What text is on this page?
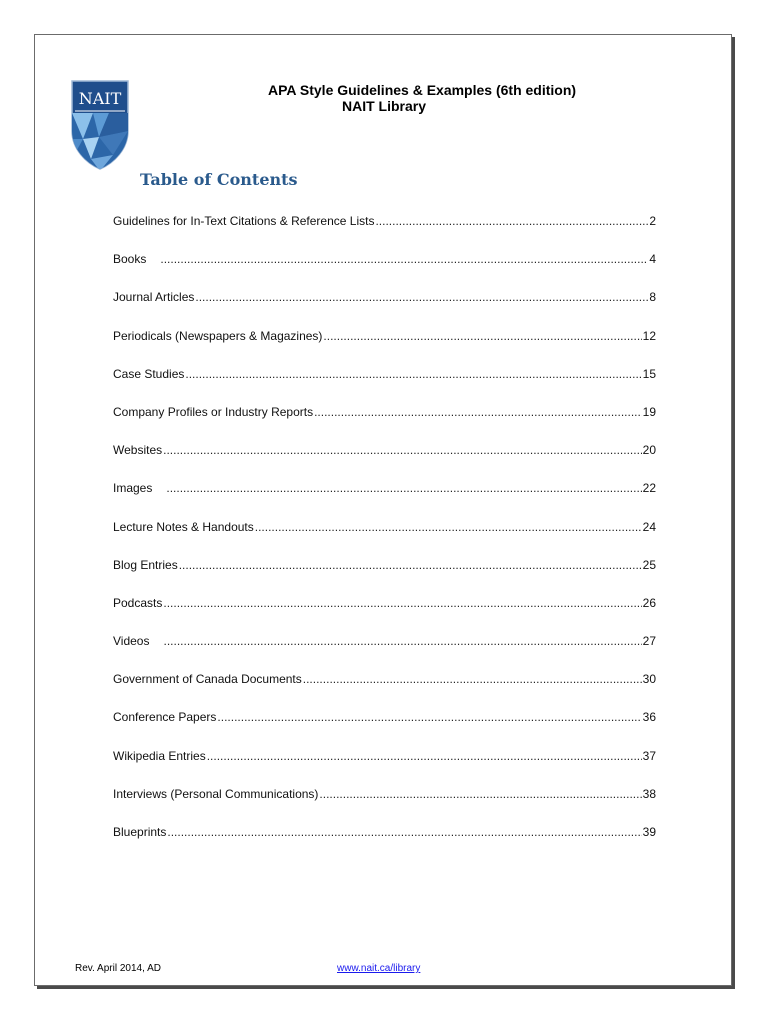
NAIT	APA Style Guidelines & Examples (6th edition)
NAIT Library
Table of Contents
Guidelines for In-Text Citations & Reference Lists .....	2
Books .....	4
Journal Articles .....	8
Periodicals (Newspapers & Magazines) .....	12
Case Studies .....	15
Company Profiles or Industry Reports .....	19
Websites .....	20
Images .....	22
Lecture Notes & Handouts .....	24
Blog Entries .....	25
Podcasts .....	26
Videos .....	27
Government of Canada Documents .....	30
Conference Papers .....	36
Wikipedia Entries .....	37
Interviews (Personal Communications) .....	38
Blueprints .....	39
Rev. April 2014, AD	www.nait.ca/library
